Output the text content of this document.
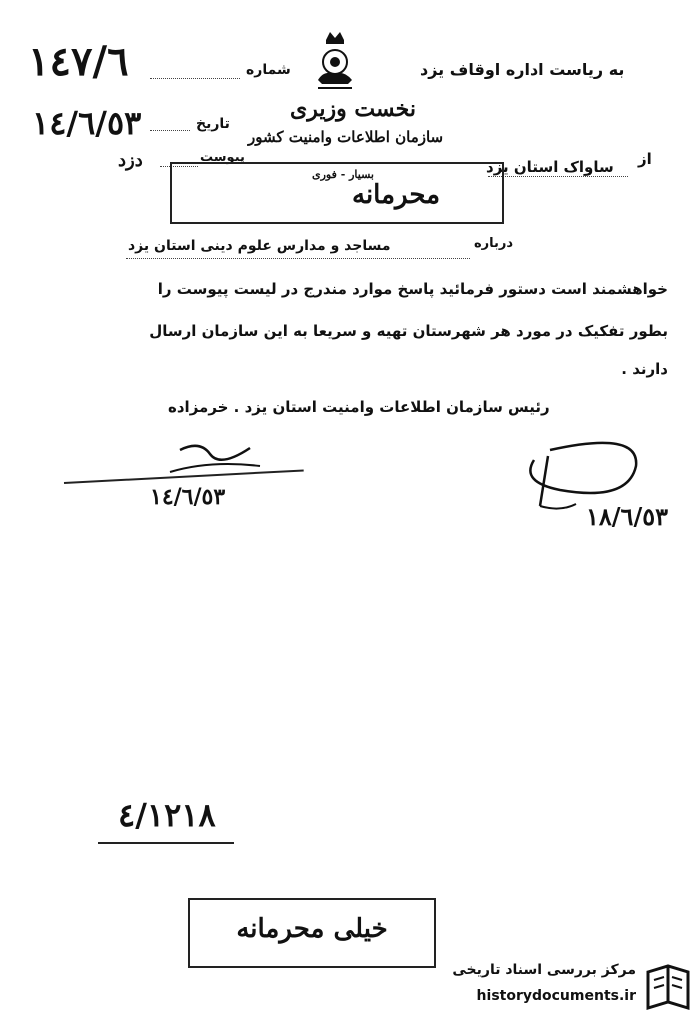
١٤٧/٦	شماره
١٤/٦/٥٣	تاریخ
به ریاست اداره اوقاف یزد
نخست وزیری
سازمان اطلاعات وامنیت کشور
از
ساواک استان یزد
دزد	پیوست
بسیار - فوری
محرمانه
درباره
مساجد و مدارس علوم دینی استان یزد
خواهشمند است دستور فرمائید پاسخ موارد مندرج در لیست پیوست را
بطور تفکیک در مورد هر شهرستان تهیه و سریعا به این سازمان ارسال
دارند .
رئیس سازمان اطلاعات وامنیت استان یزد . خرمزاده
١٤/٦/٥٣
١٨/٦/٥٣
٤/١٢١٨
خیلی محرمانه
مرکز بررسی اسناد تاریخی
historydocuments.ir
